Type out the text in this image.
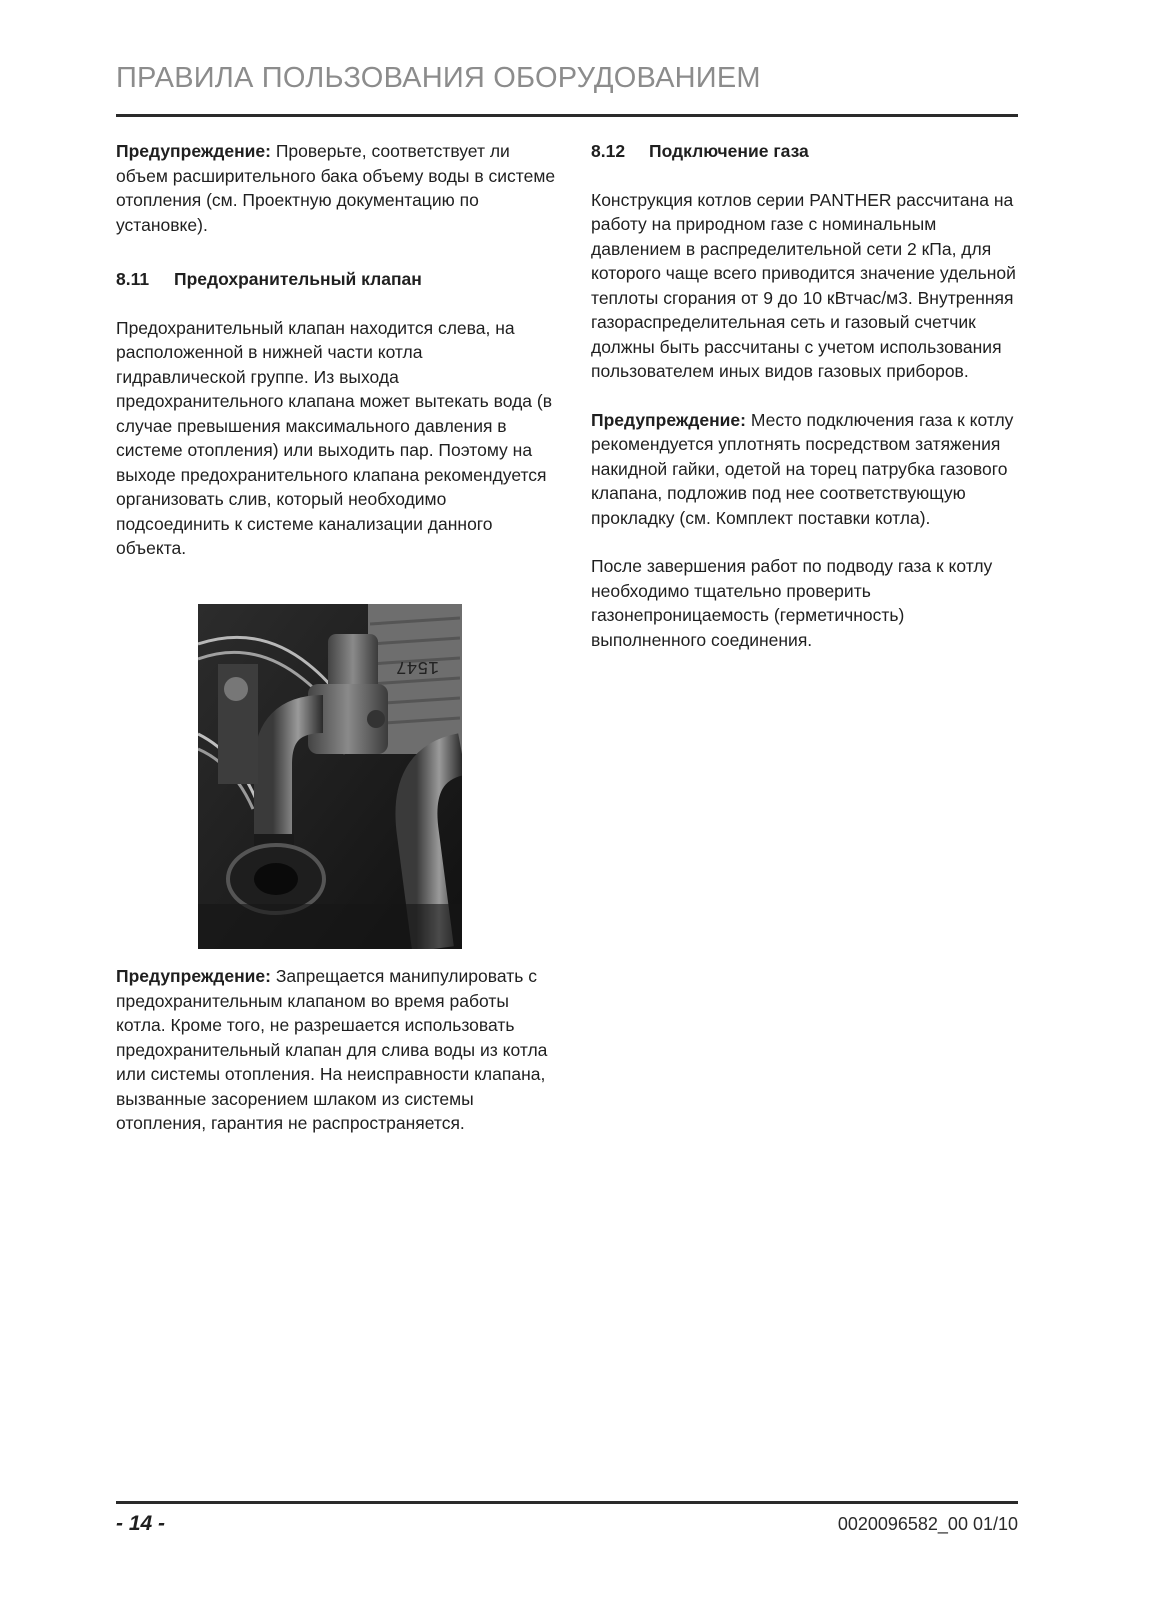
ПРАВИЛА ПОЛЬЗОВАНИЯ ОБОРУДОВАНИЕМ

Предупреждение: Проверьте, соответствует ли объем расширительного бака объему воды в системе отопления (см. Проектную документацию по установке).

8.11 Предохранительный клапан

Предохранительный клапан находится слева, на расположенной в нижней части котла гидравлической группе. Из выхода предохранительного клапана может вытекать вода (в случае превышения максимального давления в системе отопления) или выходить пар. Поэтому на выходе предохранительного клапана рекомендуется организовать слив, который необходимо подсоединить к системе канализации данного объекта.

1547

Предупреждение: Запрещается манипулировать с предохранительным клапаном во время работы котла. Кроме того, не разрешается использовать предохранительный клапан для слива воды из котла или системы отопления. На неисправности клапана, вызванные засорением шлаком из системы отопления, гарантия не распространяется.

8.12 Подключение газа

Конструкция котлов серии PANTHER рассчитана на работу на природном газе с номинальным давлением в распределительной сети 2 кПа, для которого чаще всего приводится значение удельной теплоты сгорания от 9 до 10 кВтчас/м3. Внутренняя газораспределительная сеть и газовый счетчик должны быть рассчитаны с учетом использования пользователем иных видов газовых приборов.

Предупреждение: Место подключения газа к котлу рекомендуется уплотнять посредством затяжения накидной гайки, одетой на торец патрубка газового клапана, подложив под нее соответствующую прокладку (см. Комплект поставки котла).

После завершения работ по подводу газа к котлу необходимо тщательно проверить газонепроницаемость (герметичность) выполненного соединения.

- 14 -	0020096582_00 01/10
